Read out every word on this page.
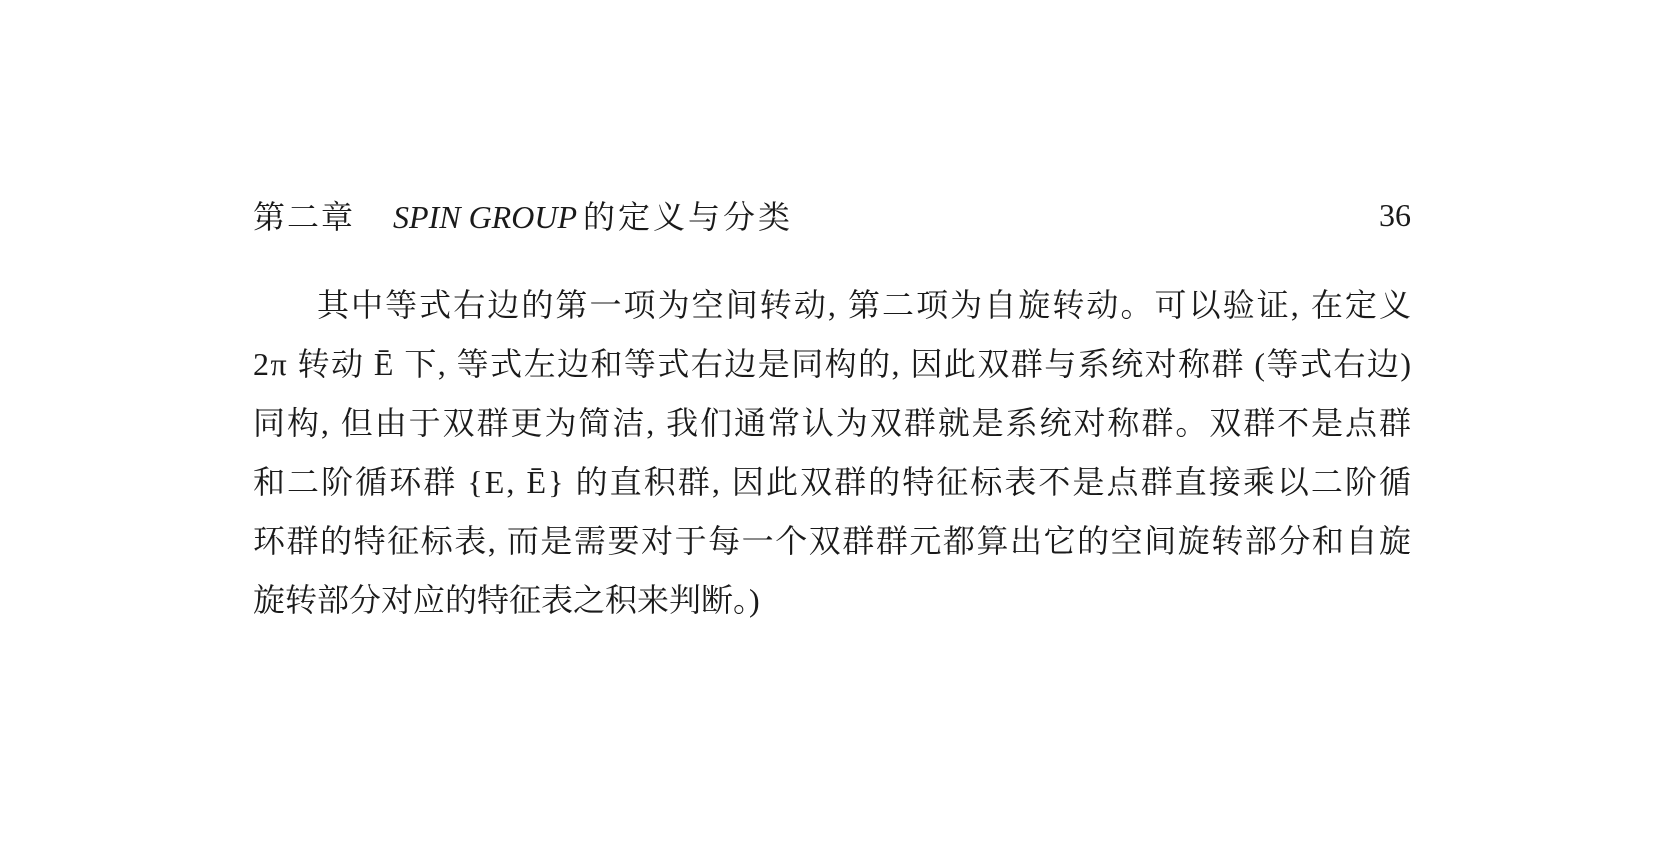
第二章 SPIN GROUP 的定义与分类	36
其中等式右边的第一项为空间转动, 第二项为自旋转动。可以验证, 在定义
2π 转动 Ē 下, 等式左边和等式右边是同构的, 因此双群与系统对称群 (等式右边)
同构, 但由于双群更为简洁, 我们通常认为双群就是系统对称群。双群不是点群
和二阶循环群 {E, Ē} 的直积群, 因此双群的特征标表不是点群直接乘以二阶循
环群的特征标表, 而是需要对于每一个双群群元都算出它的空间旋转部分和自旋
旋转部分对应的特征表之积来判断。)
